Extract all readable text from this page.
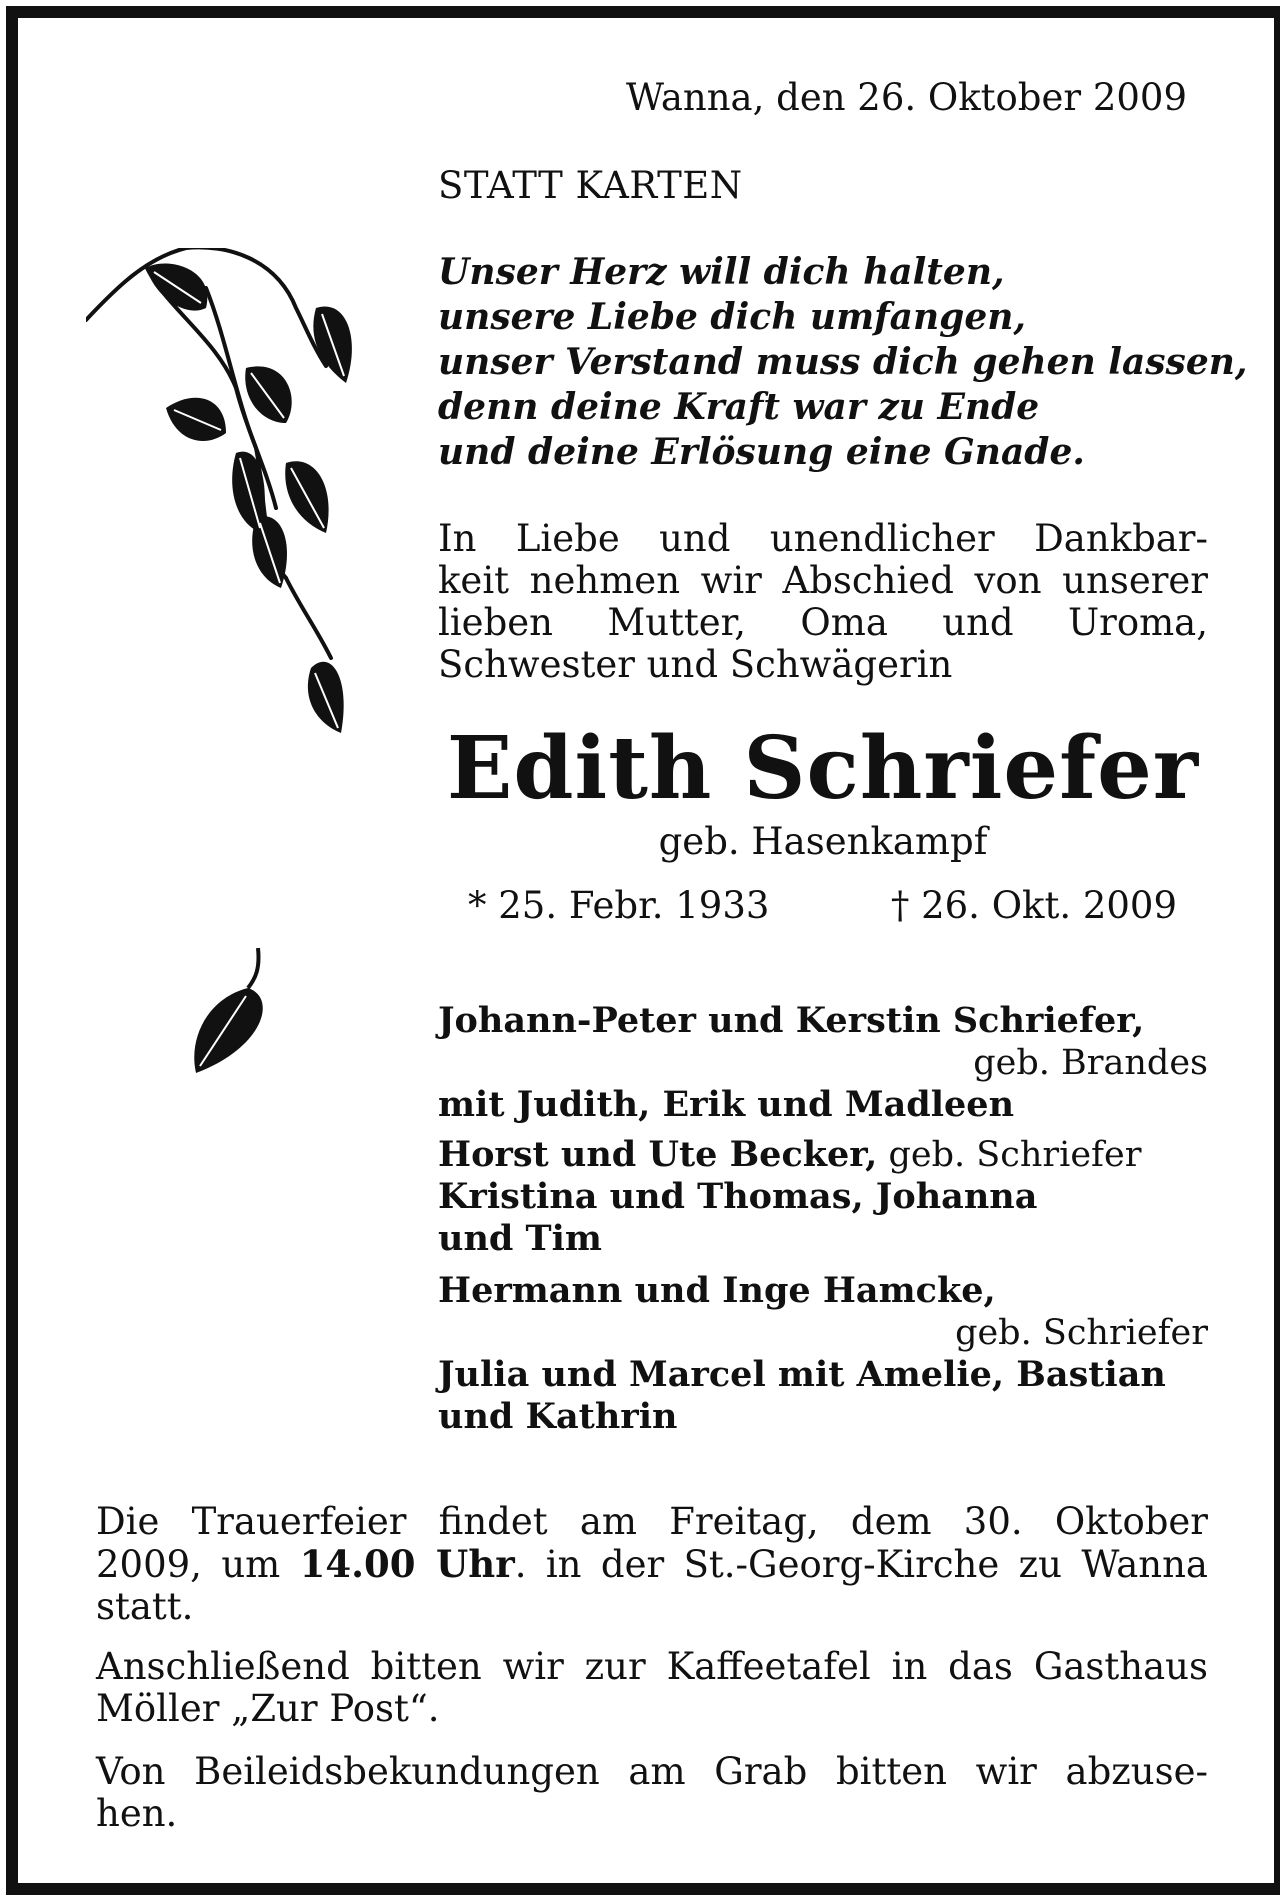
Wanna, den 26. Oktober 2009
STATT KARTEN
Unser Herz will dich halten,
unsere Liebe dich umfangen,
unser Verstand muss dich gehen lassen,
denn deine Kraft war zu Ende
und deine Erlösung eine Gnade.
In Liebe und unendlicher Dankbar-
keit nehmen wir Abschied von unserer
lieben Mutter, Oma und Uroma,
Schwester und Schwägerin
Edith Schriefer
geb. Hasenkampf
* 25. Febr. 1933	† 26. Okt. 2009
Johann-Peter und Kerstin Schriefer,
geb. Brandes
mit Judith, Erik und Madleen
Horst und Ute Becker, geb. Schriefer
Kristina und Thomas, Johanna
und Tim
Hermann und Inge Hamcke,
geb. Schriefer
Julia und Marcel mit Amelie, Bastian
und Kathrin
Die Trauerfeier findet am Freitag, dem 30. Oktober
2009, um 14.00 Uhr. in der St.-Georg-Kirche zu Wanna
statt.
Anschließend bitten wir zur Kaffeetafel in das Gasthaus
Möller „Zur Post“.
Von Beileidsbekundungen am Grab bitten wir abzuse-
hen.
